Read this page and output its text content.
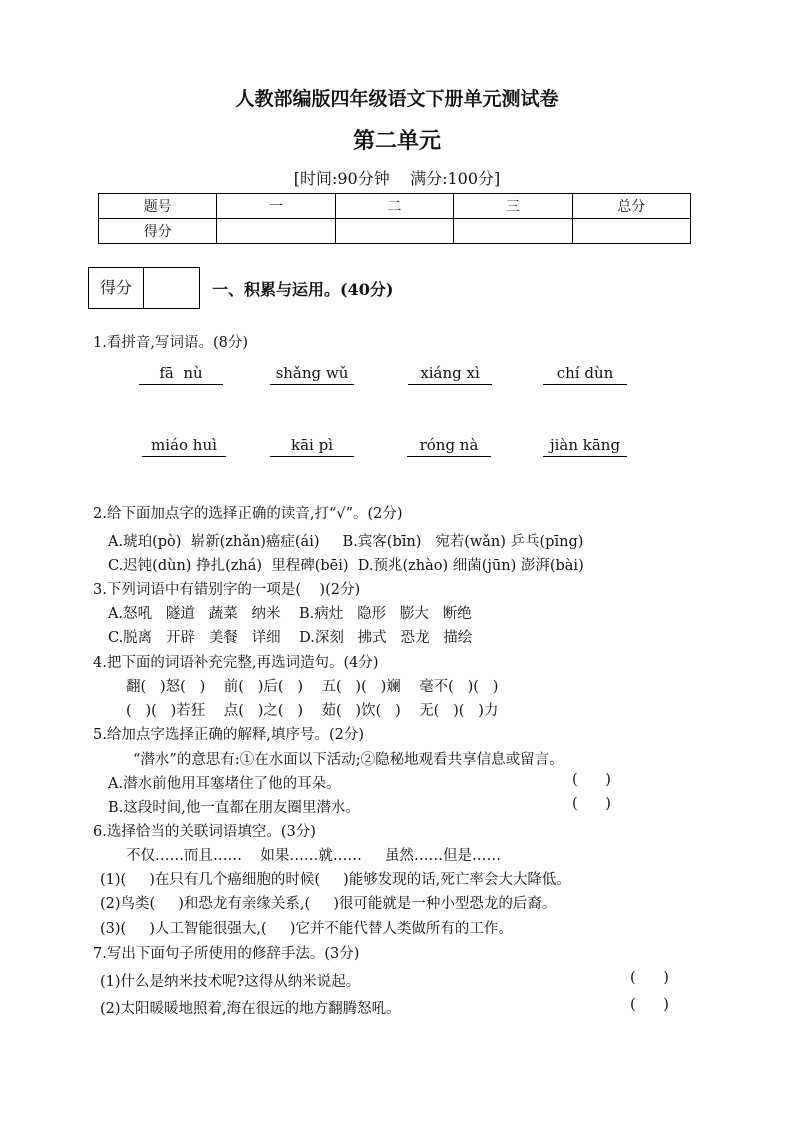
人教部编版四年级语文下册单元测试卷
第二单元
[时间:90分钟    满分:100分]
题号	一	二	三	总分
得分				
得分	一、积累与运用。(40分)
1.看拼音,写词语。(8分)
fā  nù	shǎng wǔ	xiáng xì	chí dùn
miáo huì	kāi pì	róng nà	jiàn kāng
2.给下面加点字的选择正确的读音,打“√”。(2分)
A.琥珀(pò)  崭新(zhǎn)癌症(ái)     B.宾客(bīn)   宛若(wǎn) 乒乓(pīng)
C.迟钝(dùn) 挣扎(zhá)  里程碑(bēi)  D.预兆(zhào) 细菌(jūn) 澎湃(bài)
3.下列词语中有错别字的一项是(    )(2分)
A.怒吼   隧道   蔬菜   纳米    B.病灶   隐形   膨大   断绝
C.脱离   开辟   美餐   详细    D.深刻   拂式   恐龙   描绘
4.把下面的词语补充完整,再选词造句。(4分)
翻(   )怒(   )    前(   )后(   )    五(   )(   )斓    毫不(   )(   )
(   )(   )若狂    点(   )之(   )    茹(   )饮(   )    无(   )(   )力
5.给加点字选择正确的解释,填序号。(2分)
“潜水”的意思有:①在水面以下活动;②隐秘地观看共享信息或留言。
A.潜水前他用耳塞堵住了他的耳朵。	(      )
B.这段时间,他一直都在朋友圈里潜水。	(      )
6.选择恰当的关联词语填空。(3分)
不仅……而且……    如果……就……     虽然……但是……
(1)(     )在只有几个癌细胞的时候(     )能够发现的话,死亡率会大大降低。
(2)鸟类(     )和恐龙有亲缘关系,(     )很可能就是一种小型恐龙的后裔。
(3)(     )人工智能很强大,(     )它并不能代替人类做所有的工作。
7.写出下面句子所使用的修辞手法。(3分)
(1)什么是纳米技术呢?这得从纳米说起。	(      )
(2)太阳暖暖地照着,海在很远的地方翻腾怒吼。	(      )
